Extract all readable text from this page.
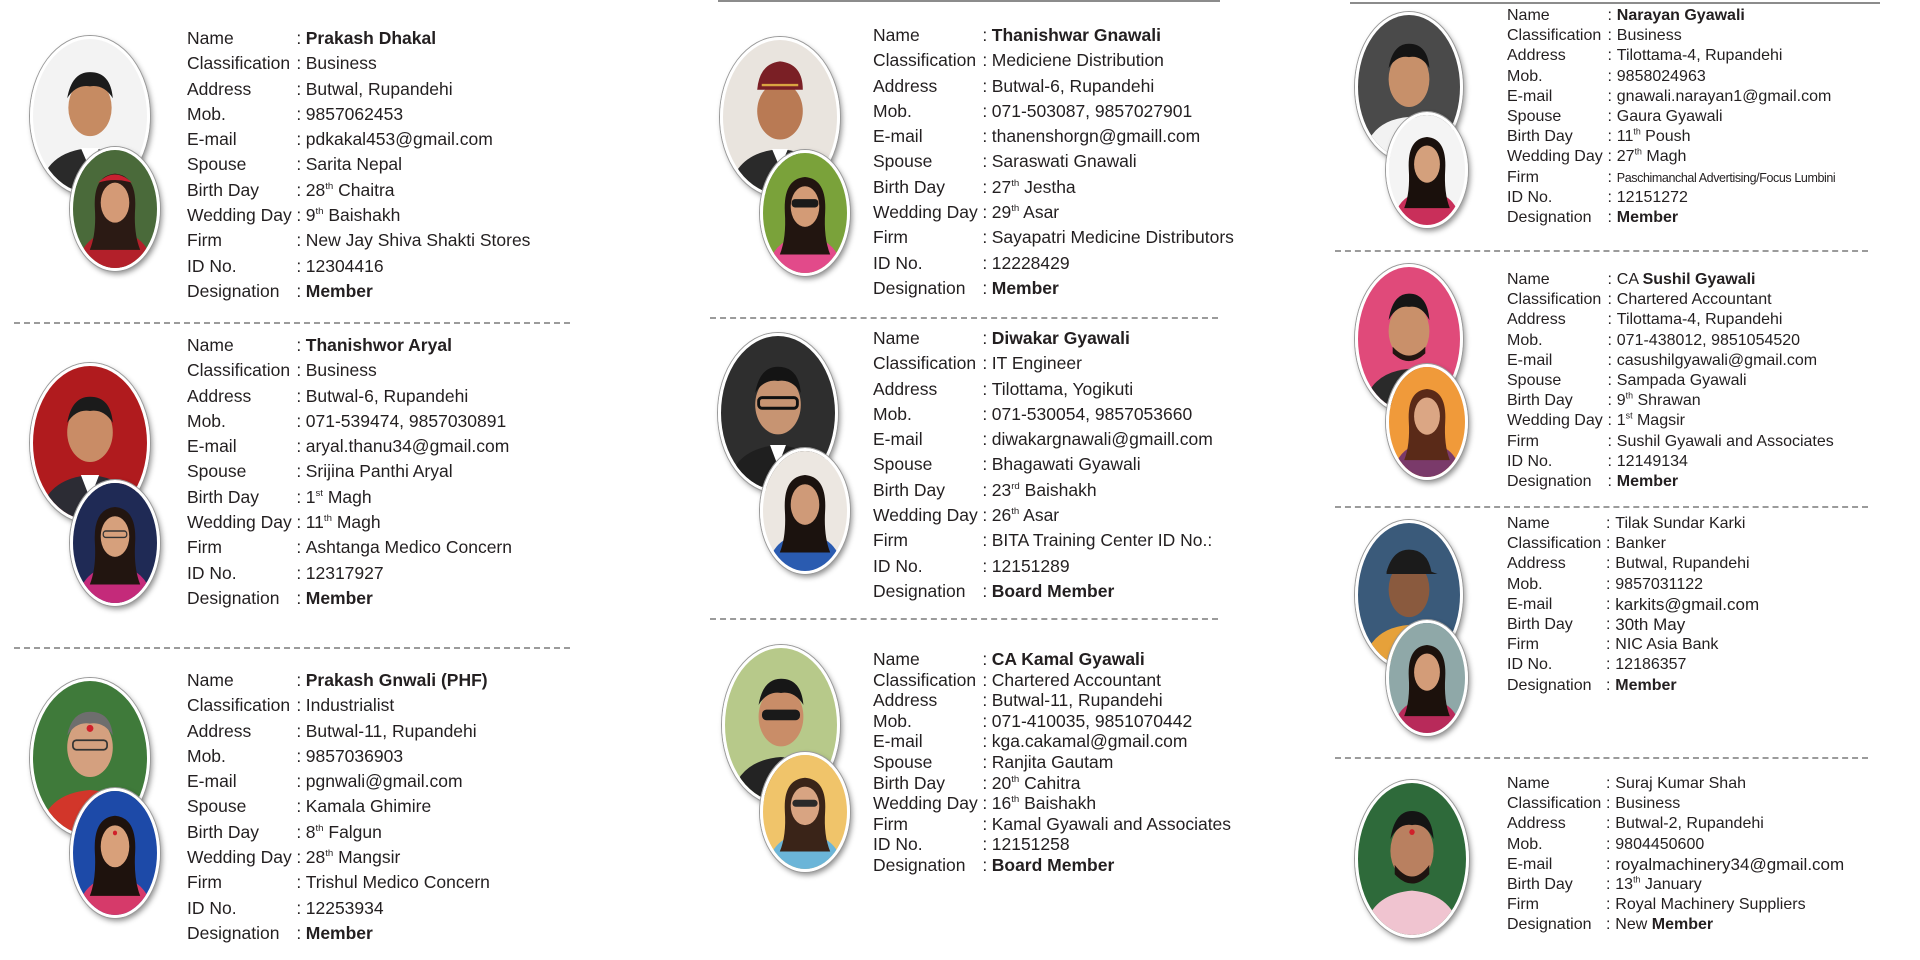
Name	: Prakash Dhakal
Classification : Business
Address	: Butwal, Rupandehi
Mob.	: 9857062453
E-mail	: pdkakal453@gmail.com
Spouse	: Sarita Nepal
Birth Day	: 28th Chaitra
Wedding Day : 9th Baishakh
Firm	: New Jay Shiva Shakti Stores
ID No.	: 12304416
Designation : Member
Name	: Thanishwor Aryal
Classification : Business
Address	: Butwal-6, Rupandehi
Mob.	: 071-539474, 9857030891
E-mail	: aryal.thanu34@gmail.com
Spouse	: Srijina Panthi Aryal
Birth Day	: 1st Magh
Wedding Day : 11th Magh
Firm	: Ashtanga Medico Concern
ID No.	: 12317927
Designation : Member
Name	: Prakash Gnwali (PHF)
Classification : Industrialist
Address	: Butwal-11, Rupandehi
Mob.	: 9857036903
E-mail	: pgnwali@gmail.com
Spouse	: Kamala Ghimire
Birth Day	: 8th Falgun
Wedding Day : 28th Mangsir
Firm	: Trishul Medico Concern
ID No.	: 12253934
Designation : Member
Name	: Thanishwar Gnawali
Classification : Mediciene Distribution
Address	: Butwal-6, Rupandehi
Mob.	: 071-503087, 9857027901
E-mail	: thanenshorgn@gmaill.com
Spouse	: Saraswati Gnawali
Birth Day	: 27th Jestha
Wedding Day : 29th Asar
Firm	: Sayapatri Medicine Distributors
ID No.	: 12228429
Designation : Member
Name	: Diwakar Gyawali
Classification : IT Engineer
Address	: Tilottama, Yogikuti
Mob.	: 071-530054, 9857053660
E-mail	: diwakargnawali@gmaill.com
Spouse	: Bhagawati Gyawali
Birth Day	: 23rd Baishakh
Wedding Day : 26th Asar
Firm	: BITA Training Center ID No.:
ID No.	: 12151289
Designation : Board Member
Name	: CA Kamal Gyawali
Classification : Chartered Accountant
Address	: Butwal-11, Rupandehi
Mob.	: 071-410035, 9851070442
E-mail	: kga.cakamal@gmail.com
Spouse	: Ranjita Gautam
Birth Day	: 20th Cahitra
Wedding Day : 16th Baishakh
Firm	: Kamal Gyawali and Associates
ID No.	: 12151258
Designation : Board Member
Name	: Narayan Gyawali
Classification : Business
Address	: Tilottama-4, Rupandehi
Mob.	: 9858024963
E-mail	: gnawali.narayan1@gmail.com
Spouse	: Gaura Gyawali
Birth Day	: 11th Poush
Wedding Day : 27th Magh
Firm	: Paschimanchal Advertising/Focus Lumbini
ID No.	: 12151272
Designation	: Member
Name	: CA Sushil Gyawali
Classification : Chartered Accountant
Address	: Tilottama-4, Rupandehi
Mob.	: 071-438012, 9851054520
E-mail	: casushilgyawali@gmail.com
Spouse	: Sampada Gyawali
Birth Day	: 9th Shrawan
Wedding Day : 1st Magsir
Firm	: Sushil Gyawali and Associates
ID No.	: 12149134
Designation	: Member
Name	: Tilak Sundar Karki
Classification : Banker
Address	: Butwal, Rupandehi
Mob.	: 9857031122
E-mail	: karkits@gmail.com
Birth Day	: 30th May
Firm	: NIC Asia Bank
ID No.	: 12186357
Designation : Member
Name	: Suraj Kumar Shah
Classification : Business
Address	: Butwal-2, Rupandehi
Mob.	: 9804450600
E-mail	: royalmachinery34@gmail.com
Birth Day	: 13th January
Firm	: Royal Machinery Suppliers
Designation : New Member
